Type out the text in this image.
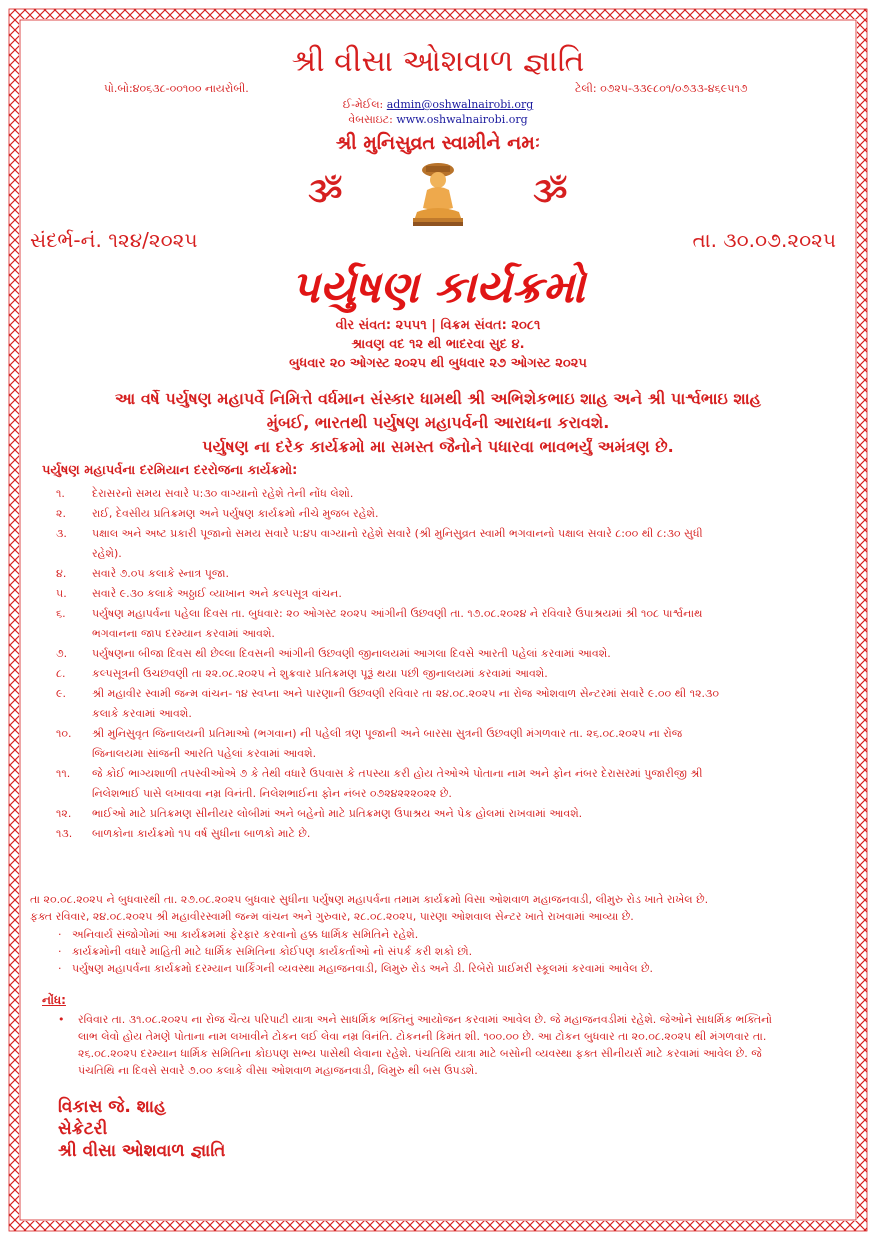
શ્રી વીસા ઓશવાળ જ્ઞાતિ
પો.બો:૪૦૬૩૮-૦૦૧૦૦ નાયરોબી.	ટેલી: ૦૭૨૫-૩૩૯૮૦૧/૦૭૩૩-૪૬૯૫૧૭
ઈ-મેઈલ: admin@oshwalnairobi.org
વેબસાઇટ: www.oshwalnairobi.org
શ્રી મુનિસુવ્રત સ્વામીને નમઃ
ૐ	ૐ
સંદર્ભ-નં. ૧૨૪/૨૦૨૫	તા. ૩૦.૦૭.૨૦૨૫
પર્યુષણ કાર્યક્રમો
વીર સંવત: ૨૫૫૧ | વિક્રમ સંવત: ૨૦૮૧
શ્રાવણ વદ ૧૨ થી ભાદરવા સુદ ૪.
બુધવાર ૨૦ ઓગસ્ટ ૨૦૨૫ થી બુધવાર ૨૭ ઓગસ્ટ ૨૦૨૫
આ વર્ષે પર્યુષણ મહાપર્વે નિમિત્તે વર્ધમાન સંસ્કાર ધામથી શ્રી અભિશેકભાઇ શાહ અને શ્રી પાર્શ્વભાઇ શાહ
મુંબઈ, ભારતથી પર્યુષણ મહાપર્વની આરાધના કરાવશે.
પર્યુષણ ના દરેક કાર્યક્રમો મા સમસ્ત જૈનોને પધારવા ભાવભર્યું અમંત્રણ છે.
પર્યુષણ મહાપર્વના દરમિયાન દરરોજના કાર્યક્રમો:
૧.	દેરાસરનો સમય સવારે ૫:૩૦ વાગ્યાનો રહેશે તેની નોંધ લેશો.
૨.	રાઈ, દેવસીય પ્રતિક્રમણ અને પર્યુષણ કાર્યક્રમો નીચે મુજબ રહેશે.
૩.	પક્ષાલ અને અષ્ટ પ્રકારી પૂજાનો સમય સવારે ૫:૪૫ વાગ્યાનો રહેશે સવારે (શ્રી મુનિસુવ્રત સ્વામી ભગવાનનો પક્ષાલ સવારે ૮:૦૦ થી ૮:૩૦ સુધી
રહેશે).
૪.	સવારે ૭.૦૫ કલાકે સ્નાત્ર પૂજા.
૫.	સવારે ૯.૩૦ કલાકે અઠ્ઠાઈ વ્યાખાન અને કલ્પસૂત્ર વાંચન.
૬.	પર્યુષણ મહાપર્વના પહેલા દિવસ તા. બુધવાર: ૨૦ ઓગસ્ટ ૨૦૨૫ આંગીની ઉછવણી તા. ૧૭.૦૮.૨૦૨૪ ને રવિવારે ઉપાશ્રયમાં શ્રી ૧૦૮ પાર્શ્વનાથ
ભગવાનના જાપ દરમ્યાન કરવામાં આવશે.
૭.	પર્યુષણના બીજા દિવસ થી છેલ્લા દિવસની આંગીની ઉછવણી જીનાલયમાં આગલા દિવસે આરતી પહેલાં કરવામાં આવશે.
૮.	કલ્પસૂત્રની ઉચછવણી તા ૨૨.૦૮.૨૦૨૫ ને શુક્રવાર પ્રતિક્રમણ પૂરૂં થયા પછી જીનાલયમાં કરવામાં આવશે.
૯.	શ્રી મહાવીર સ્વામી જન્મ વાંચન- ૧૪ સ્વપ્ના અને પારણાની ઉછવણી રવિવાર તા ૨૪.૦૮.૨૦૨૫ ના રોજ ઓશવાળ સેન્ટરમાં સવારે ૯.૦૦ થી ૧૨.૩૦
કલાકે કરવામાં આવશે.
૧૦.	શ્રી મુનિસુવૃત જિનાલયની પ્રતિમાઓ (ભગવાન) ની પહેલી ત્રણ પૂજાની અને બારસા સુત્રની ઉછવણી મંગળવાર તા. ૨૬.૦૮.૨૦૨૫ ના રોજ
જિનાલયમા સાંજની આરતિ પહેલાં કરવામાં આવશે.
૧૧.	જે કોઈ ભાગ્યશાળી તપસ્વીઓએ ૭ કે તેથી વધારે ઉપવાસ કે તપસ્યા કરી હોય તેઓએ પોતાના નામ અને ફોન નંબર દેરાસરમાં પુજારીજી શ્રી
નિલેશભાઈ પાસે લખાવવા નમ્ર વિનંતી. નિલેશભાઈના ફોન નંબર ૦૭૨૪૨૨૨૦૨૨ છે.
૧૨.	ભાઈઓ માટે પ્રતિક્રમણ સીનીયર લોબીમાં અને બહેનો માટે પ્રતિક્રમણ ઉપાશ્રય અને પેક હોલમાં રાખવામાં આવશે.
૧૩.	બાળકોના કાર્યક્રમો ૧૫ વર્ષ સુધીના બાળકો માટે છે.
તા ૨૦.૦૮.૨૦૨૫ ને બુધવારથી તા. ૨૭.૦૮.૨૦૨૫ બુધવાર સુધીના પર્યુષણ મહાપર્વના તમામ કાર્યક્રમો વિસા ઓશવાળ મહાજનવાડી, લીમુરુ રોડ ખાતે રાખેલ છે.
ફક્ત રવિવાર, ૨૪.૦૮.૨૦૨૫ શ્રી મહાવીરસ્વામી જન્મ વાંચન અને ગુરુવાર, ૨૮.૦૮.૨૦૨૫, પારણા ઓશવાલ સેન્ટર ખાતે રાખવામાં આવ્યા છે.
· અનિવાર્ય સંજોગોમાં આ કાર્યક્રમમાં ફેરફાર કરવાનો હક્ક ધાર્મિક સમિતિને રહેશે.
· કાર્યક્રમોની વધારે માહિતી માટે ધાર્મિક સમિતિના કોઈપણ કાર્યકર્તાઓ નો સંપર્ક કરી શકો છો.
· પર્યુષણ મહાપર્વના કાર્યક્રમો દરમ્યાન પાર્કિંગની વ્યવસ્થા મહાજનવાડી, લિમુરુ રોડ અને ડી. રિબેરો પ્રાઈમરી સ્કૂલમાં કરવામાં આવેલ છે.
નોંધ:
•	રવિવાર તા. ૩૧.૦૮.૨૦૨૫ ના રોજ ચૈત્ય પરિપાટી યાત્રા અને સાધર્મિક ભક્તિનું આયોજન કરવામાં આવેલ છે. જે મહાજનવડીમાં રહેશે. જેઓને સાધર્મિક ભક્તિનો
લાભ લેવો હોય તેમણે પોતાના નામ લખાવીને ટોકન લઈ લેવા નમ્ર વિનંતિ. ટોકનની કિમંત શી. ૧૦૦.૦૦ છે. આ ટોકન બુધવાર તા ૨૦.૦૮.૨૦૨૫ થી મંગળવાર તા.
૨૬.૦૮.૨૦૨૫ દરમ્યાન ધાર્મિક સમિતિના કોઇપણ સભ્ય પાસેથી લેવાના રહેશે. પંચતિથિ યાત્રા માટે બસોની વ્યવસ્થા ફક્ત સીનીયર્સ માટે કરવામાં આવેલ છે. જે
પંચતિથિ ના દિવસે સવારે ૭.૦૦ કલાકે વીસા ઓશવાળ મહાજનવાડી, લિમુરુ થી બસ ઉપડશે.
વિકાસ જે. શાહ
સેક્રેટરી
શ્રી વીસા ઓશવાળ જ્ઞાતિ
